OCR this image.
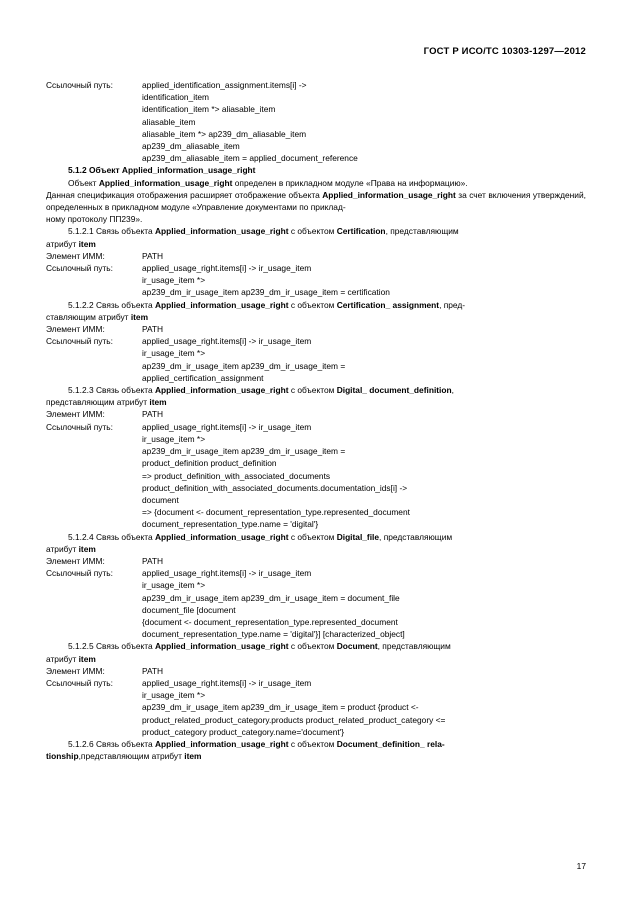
ГОСТ Р ИСО/ТС 10303-1297—2012
Ссылочный путь:	applied_identification_assignment.items[i] ->
identification_item
identification_item *> aliasable_item
aliasable_item
aliasable_item *> ap239_dm_aliasable_item
ap239_dm_aliasable_item
ap239_dm_aliasable_item = applied_document_reference
5.1.2 Объект Applied_information_usage_right
Объект Applied_information_usage_right определен в прикладном модуле «Права на информацию».
Данная спецификация отображения расширяет отображение объекта Applied_information_usage_right за счет включения утверждений, определенных в прикладном модуле «Управление документами по приклад-
ному протоколу ПП239».
5.1.2.1 Связь объекта Applied_information_usage_right с объектом Certification, представляющим
атрибут item
Элемент ИММ:	PATH
Ссылочный путь:	applied_usage_right.items[i] -> ir_usage_item
ir_usage_item *>
ap239_dm_ir_usage_item ap239_dm_ir_usage_item = certification
5.1.2.2 Связь объекта Applied_information_usage_right с объектом Certification_ assignment, пред-
ставляющим атрибут item
Элемент ИММ:	PATH
Ссылочный путь:	applied_usage_right.items[i] -> ir_usage_item
ir_usage_item *>
ap239_dm_ir_usage_item ap239_dm_ir_usage_item =
applied_certification_assignment
5.1.2.3 Связь объекта Applied_information_usage_right с объектом Digital_ document_definition,
представляющим атрибут item
Элемент ИММ:	PATH
Ссылочный путь:	applied_usage_right.items[i] -> ir_usage_item
ir_usage_item *>
ap239_dm_ir_usage_item ap239_dm_ir_usage_item =
product_definition product_definition
=> product_definition_with_associated_documents
product_definition_with_associated_documents.documentation_ids[i] ->
document
=> {document <- document_representation_type.represented_document
document_representation_type.name = 'digital'}
5.1.2.4 Связь объекта Applied_information_usage_right с объектом Digital_file, представляющим
атрибут item
Элемент ИММ:	PATH
Ссылочный путь:	applied_usage_right.items[i] -> ir_usage_item
ir_usage_item *>
ap239_dm_ir_usage_item ap239_dm_ir_usage_item = document_file
document_file [document
{document <- document_representation_type.represented_document
document_representation_type.name = 'digital'}] [characterized_object]
5.1.2.5 Связь объекта Applied_information_usage_right с объектом Document, представляющим
атрибут item
Элемент ИММ:	PATH
Ссылочный путь:	applied_usage_right.items[i] -> ir_usage_item
ir_usage_item *>
ap239_dm_ir_usage_item ap239_dm_ir_usage_item = product {product <-
product_related_product_category.products product_related_product_category <=
product_category product_category.name='document'}
5.1.2.6 Связь объекта Applied_information_usage_right с объектом Document_definition_ rela-
tionship,представляющим атрибут item
17
